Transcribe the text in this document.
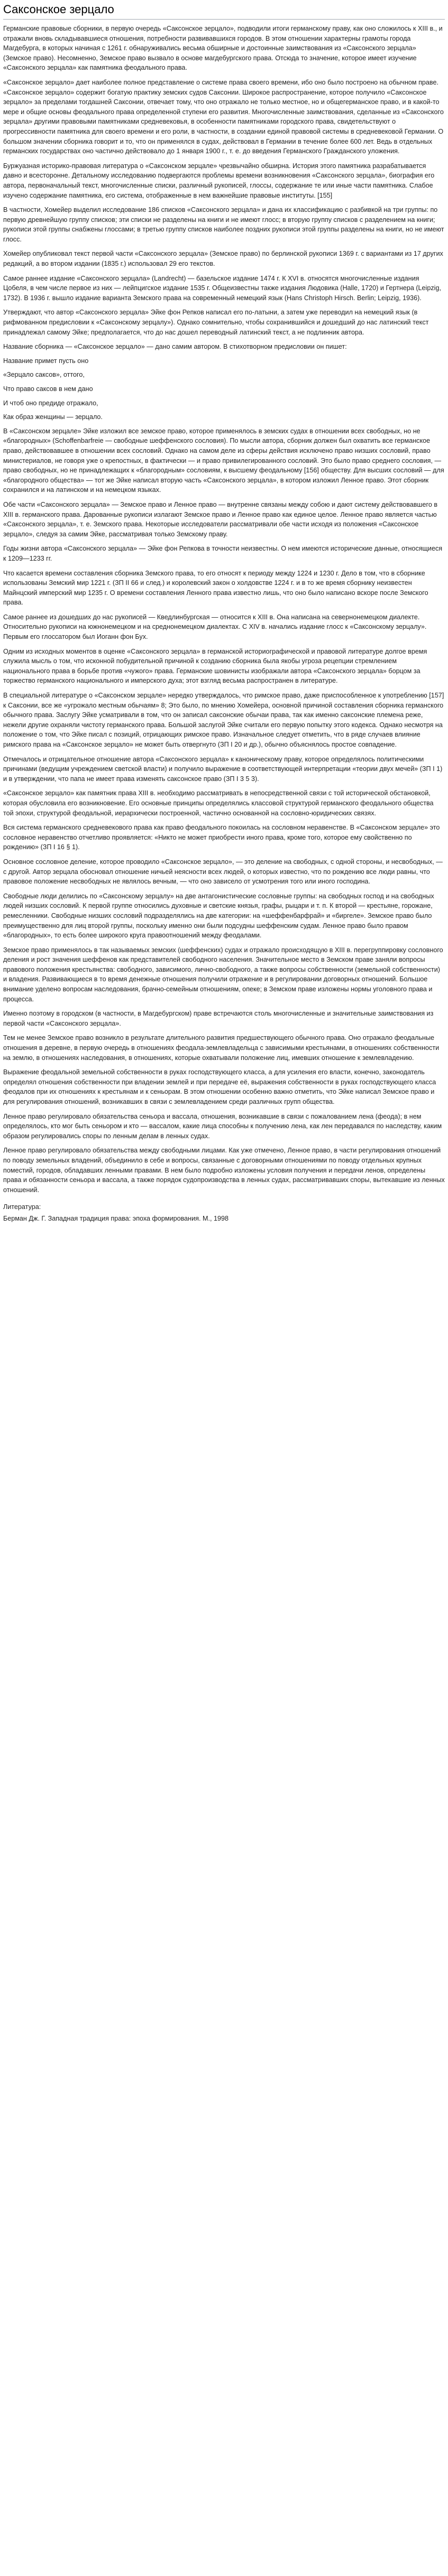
Саксонское зерцало

Германские правовые сборники, в первую очередь «Саксонское зерцало», подводили итоги германскому праву, как оно сложилось к XIII в., и отражали вновь складывавшиеся отношения, потребности развивавшихся городов. В этом отношении характерны грамоты города Магдебурга, в которых начиная с 1261 г. обнаруживались весьма обширные и достоинные заимствования из «Саксонского зерцала» (Земское право). Несомненно, Земское право вызвало в основе магдебургского права. Отсюда то значение, которое имеет изучение «Саксонского зерцала» как памятника феодального права.

«Саксонское зерцало» дает наиболее полное представление о системе права своего времени, ибо оно было построено на обычном праве. «Саксонское зерцало» содержит богатую практику земских судов Саксонии. Широкое распространение, которое получило «Саксонское зерцало» за пределами тогдашней Саксонии, отвечает тому, что оно отражало не только местное, но и общегерманское право, и в какой-то мере и общие основы феодального права определенной ступени его развития. Многочисленные заимствования, сделанные из «Саксонского зерцала» другими правовыми памятниками средневековья, в особенности памятниками городского права, свидетельствуют о прогрессивности памятника для своего времени и его роли, в частности, в создании единой правовой системы в средневековой Германии. О большом значении сборника говорит и то, что он применялся в судах, действовал в Германии в течение более 600 лет. Ведь в отдельных германских государствах оно частично действовало до 1 января 1900 г., т. е. до введения Германского Гражданского уложения.

Буржуазная историко-правовая литература о «Саксонском зерцале» чрезвычайно обширна. История этого памятника разрабатывается давно и всесторонне. Детальному исследованию подвергаются проблемы времени возникновения «Саксонского зерцала», биография его автора, первоначальный текст, многочисленные списки, различный рукописей, глоссы, содержание те или иные части памятника. Слабое изучено содержание памятника, его система, отображенные в нем важнейшие правовые институты. [155]

В частности, Хомейер выделил исследование 186 списков «Саксонского зерцала» и дана их классификацию с разбивкой на три группы: по первую древнейшую группу списков; эти списки не разделены на книги и не имеют глосс; в вторую группу списков с разделением на книги; рукописи этой группы снабжены глоссами; в третью группу списков наиболее поздних рукописи этой группы разделены на книги, но не имеют глосс.

Хомейер опубликовал текст первой части «Саксонского зерцала» (Земское право) по берлинской рукописи 1369 г. с вариантами из 17 других редакций, а во втором издании (1835 г.) использовал 29 его текстов.

Самое раннее издание «Саксонского зерцала» (Landrecht) — базельское издание 1474 г. К XVI в. относятся многочисленные издания Цобеля, в чем числе первое из них — лейпцигское издание 1535 г. Общеизвестны также издания Людовика (Halle, 1720) и Гертнера (Leipzig, 1732). В 1936 г. вышло издание варианта Земского права на современный немецкий язык (Hans Christoph Hirsch. Berlin; Leipzig, 1936).

Утверждают, что автор «Саксонского зерцала» Эйке фон Репков написал его по-латыни, а затем уже переводил на немецкий язык (в рифмованном предисловии к «Саксонскому зерцалу»). Однако сомнительно, чтобы сохранившийся и дошедший до нас латинский текст принадлежал самому Эйке; предполагается, что до нас дошел переводный латинский текст, а не подлинник автора.

Название сборника — «Саксонское зерцало» — дано самим автором. В стихотворном предисловии он пишет:

Название примет пусть оно

«Зерцало саксов», оттого,

Что право саксов в нем дано

И чтоб оно предиде отражало,

Как образ женщины — зерцало.

В «Саксонском зерцале» Эйке изложил все земское право, которое применялось в земских судах в отношении всех свободных, но не «благородных» (Schoffenbarfreie — свободные шеффенского сословия). По мысли автора, сборник должен был охватить все германское право, действовавшее в отношении всех сословий. Однако на самом деле из сферы действия исключено право низших сословий, право министериалов, не говоря уже о крепостных, в фактически — и право привилегированного сословий. Это было право среднего сословия, — право свободных, но не принадлежащих к «благородным» сословиям, к высшему феодальному [156] обществу. Для высших сословий — для «благородного общества» — тот же Эйке написал вторую часть «Саксонского зерцала», в котором изложил Ленное право. Этот сборник сохранился и на латинском и на немецком языках.

Обе части «Саксонского зерцала» — Земское право и Ленное право — внутренне связаны между собою и дают систему действовавшего в XIII в. германского права. Дарованные рукописи излагают Земское право и Ленное право как единое целое. Ленное право является частью «Саксонского зерцала», т. е. Земского права. Некоторые исследователи рассматривали обе части исходя из положения «Саксонское зерцало», следуя за самим Эйке, рассматривая только Земскому праву.

Годы жизни автора «Саксонского зерцала» — Эйке фон Репкова в точности неизвестны. О нем имеются исторические данные, относящиеся к 1209—1233 гг.

Что касается времени составления сборника Земского права, то его относят к периоду между 1224 и 1230 г. Дело в том, что в сборнике использованы Земский мир 1221 г. (ЗП II 66 и след.) и королевский закон о холдовстве 1224 г. и в то же время сборнику неизвестен Майнцский имперский мир 1235 г. О времени составления Ленного права известно лишь, что оно было написано вскоре после Земского права.

Самое раннее из дошедших до нас рукописей — Кведлинбургская — относится к XIII в. Она написана на севернонемецком диалекте. Относительно рукописи на южнонемецком и на среднонемецком диалектах. С XIV в. начались издание глосс к «Саксонскому зерцалу». Первым его глоссатором был Иоганн фон Бух.

Одним из исходных моментов в оценке «Саксонского зерцала» в германской историографической и правовой литературе долгое время служила мысль о том, что исконной побудительной причиной к созданию сборника была якобы угроза рецепции стремлением национального права в борьбе против «чужого» права. Германские шовинисты изображали автора «Саксонского зерцала» борцом за торжество германского национального и имперского духа; этот взгляд весьма распространен в литературе.

В специальной литературе о «Саксонском зерцале» нередко утверждалось, что римское право, даже приспособленное к употреблению [157] к Саксонии, все же «угрожало местным обычаям» 8; Это было, по мнению Хомейера, основной причиной составления сборника германского обычного права. Заслугу Эйке усматривали в том, что он записал саксонские обычаи права, так как именно саксонские племена реже, нежели другие охраняли чистоту германского права. Большой заслугой Эйке считали его первую попытку этого кодекса. Однако несмотря на положение о том, что Эйке писал с позиций, отрицающих римское право. Изначальное следует отметить, что в ряде случаев влияние римского права на «Саксонское зерцало» не может быть отвергнуто (ЗП I 20 и др.), обычно объяснялось простое совпадение.

Отмечалось и отрицательное отношение автора «Саксонского зерцала» к каноническому праву, которое определялось политическими причинами (ведущим учреждением светской власти) и получило выражение в соответствующей интерпретации «теории двух мечей» (ЗП I 1) и в утверждении, что папа не имеет права изменять саксонское право (ЗП I 3 5 3).

«Саксонское зерцало» как памятник права XIII в. необходимо рассматривать в непосредственной связи с той исторической обстановкой, которая обусловила его возникновение. Его основные принципы определялись классовой структурой германского феодального общества той эпохи, структурой феодальной, иерархически построенной, частично основанной на сословно-юридических связях.

Вся система германского средневекового права как право феодального покоилась на сословном неравенстве. В «Саксонском зерцале» это сословное неравенство отчетливо проявляется: «Никто не может приобрести иного права, кроме того, которое ему свойственно по рождению» (ЗП I 16 § 1).

Основное сословное деление, которое проводило «Саксонское зерцало», — это деление на свободных, с одной стороны, и несвободных, — с другой. Автор зерцала обосновал отношение ничьей неясности всех людей, о которых известно, что по рождению все люди равны, что правовое положение несвободных не являлось вечным, — что оно зависело от усмотрения того или иного господина.

Свободные люди делились по «Саксонскому зерцалу» на две антагонистические сословные группы: на свободных господ и на свободных людей низших сословий. К первой группе относились духовные и светские князья, графы, рыцари и т. п. К второй — крестьяне, горожане, ремесленники. Свободные низших сословий подразделялись на две категории: на «шеффенбарфрай» и «биргеле». Земское право было преимущественно для лиц второй группы, поскольку именно они были подсудны шеффенским судам. Ленное право было правом «благородных», то есть более широкого круга правоотношений между феодалами.

Земское право применялось в так называемых земских (шеффенских) судах и отражало происходящую в XIII в. перегруппировку сословного деления и рост значения шеффенов как представителей свободного населения. Значительное место в Земском праве заняли вопросы правового положения крестьянства: свободного, зависимого, лично-свободного, а также вопросы собственности (земельной собственности) и владения. Развивающиеся в то время денежные отношения получили отражение и в регулировании договорных отношений. Большое внимание уделено вопросам наследования, брачно-семейным отношениям, опеке; в Земском праве изложены нормы уголовного права и процесса.

Именно поэтому в городском (в частности, в Магдебургском) праве встречаются столь многочисленные и значительные заимствования из первой части «Саксонского зерцала».

Тем не менее Земское право возникло в результате длительного развития предшествующего обычного права. Оно отражало феодальные отношения в деревне, в первую очередь в отношениях феодала-землевладельца с зависимыми крестьянами, в отношениях собственности на землю, в отношениях наследования, в отношениях, которые охватывали положение лиц, имевших отношение к землевладению.

Выражение феодальной земельной собственности в руках господствующего класса, а для усиления его власти, конечно, законодатель определял отношения собственности при владении землей и при передаче её, выражения собственности в руках господствующего класса феодалов при их отношениях к крестьянам и к сеньорам. В этом отношении особенно важно отметить, что Эйке написал Земское право и для регулирования отношений, возникавших в связи с землевладением среди различных групп общества.

Ленное право регулировало обязательства сеньора и вассала, отношения, возникавшие в связи с пожалованием лена (феода); в нем определялось, кто мог быть сеньором и кто — вассалом, какие лица способны к получению лена, как лен передавался по наследству, каким образом регулировались споры по ленным делам в ленных судах.

Ленное право регулировало обязательства между свободными лицами. Как уже отмечено, Ленное право, в части регулирования отношений по поводу земельных владений, объединило в себе и вопросы, связанные с договорными отношениями по поводу отдельных крупных поместий, городов, обладавших ленными правами. В нем было подробно изложены условия получения и передачи ленов, определены права и обязанности сеньора и вассала, а также порядок судопроизводства в ленных судах, рассматривавших споры, вытекавшие из ленных отношений.

Литература:

Берман Дж. Г. Западная традиция права: эпоха формирования. М., 1998
